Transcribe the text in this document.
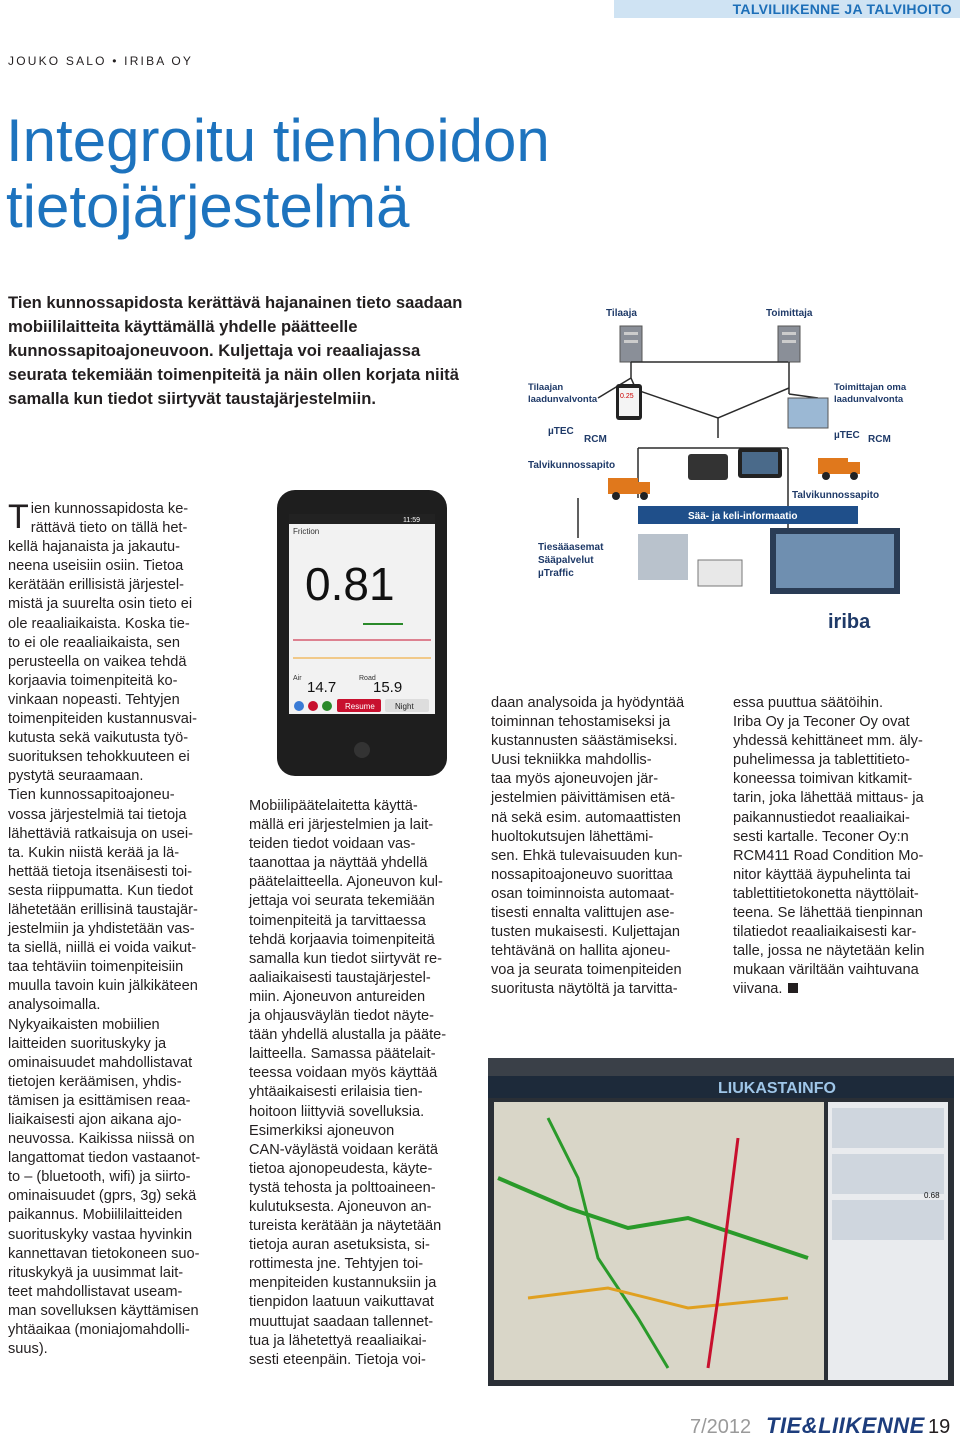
TALVILIIKENNE JA TALVIHOITO
JOUKO SALO • IRIBA OY
Integroitu tienhoidon tietojärjestelmä
Tien kunnossapidosta kerättävä hajanainen tieto saadaan mobiililaitteita käyttämällä yhdelle päätteelle kunnossapitoajoneuvoon. Kuljettaja voi reaaliajassa seurata tekemiään toimenpiteitä ja näin ollen korjata niitä samalla kun tiedot siirtyvät taustajärjestelmiin.
Tilaaja	Toimittaja
Tilaajan laadunvalvonta
µTEC
RCM
0.25
Toimittajan oma laadunvalvonta
µTEC RCM
Talvikunnossapito
Talvikunnossapito
Sää- ja keli-informaatio
Tiesääasemat Sääpalvelut µTraffic
iriba
11:59
Friction
0.81
Air
14.7
Road
15.9
Resume	Night
LIUKASTAINFO
0.68
T ien kunnossapidosta ke-
rättävä tieto on tällä het-
kellä hajanaista ja jakautu-
neena useisiin osiin. Tietoa
kerätään erillisistä järjestel-
mistä ja suurelta osin tieto ei
ole reaaliaikaista. Koska tie-
to ei ole reaaliaikaista, sen
perusteella on vaikea tehdä
korjaavia toimenpiteitä ko-
vinkaan nopeasti. Tehtyjen
toimenpiteiden kustannusvai-
kutusta sekä vaikutusta työ-
suorituksen tehokkuuteen ei
pystytä seuraamaan.
Tien kunnossapitoajoneu-
vossa järjestelmiä tai tietoja
lähettäviä ratkaisuja on usei-
ta. Kukin niistä kerää ja lä-
hettää tietoja itsenäisesti toi-
sesta riippumatta. Kun tiedot
lähetetään erillisinä taustajär-
jestelmiin ja yhdistetään vas-
ta siellä, niillä ei voida vaikut-
taa tehtäviin toimenpiteisiin
muulla tavoin kuin jälkikäteen
analysoimalla.
Nykyaikaisten mobiilien
laitteiden suorituskyky ja
ominaisuudet mahdollistavat
tietojen keräämisen, yhdis-
tämisen ja esittämisen reaa-
liaikaisesti ajon aikana ajo-
neuvossa. Kaikissa niissä on
langattomat tiedon vastaanot-
to – (bluetooth, wifi) ja siirto-
ominaisuudet (gprs, 3g) sekä
paikannus. Mobiililaitteiden
suorituskyky vastaa hyvinkin
kannettavan tietokoneen suo-
rituskykyä ja uusimmat lait-
teet mahdollistavat useam-
man sovelluksen käyttämisen
yhtäaikaa (moniajomahdolli-
suus).

Mobiilipäätelaitetta käyttä-
mällä eri järjestelmien ja lait-
teiden tiedot voidaan vas-
taanottaa ja näyttää yhdellä
päätelaitteella. Ajoneuvon kul-
jettaja voi seurata tekemiään
toimenpiteitä ja tarvittaessa
tehdä korjaavia toimenpiteitä
samalla kun tiedot siirtyvät re-
aaliaikaisesti taustajärjestel-
miin. Ajoneuvon antureiden
ja ohjausväylän tiedot näyte-
tään yhdellä alustalla ja pääte-
laitteella. Samassa päätelait-
teessa voidaan myös käyttää
yhtäaikaisesti erilaisia tien-
hoitoon liittyviä sovelluksia.
Esimerkiksi ajoneuvon
CAN-väylästä voidaan kerätä
tietoa ajonopeudesta, käyte-
tystä tehosta ja polttoaineen-
kulutuksesta. Ajoneuvon an-
tureista kerätään ja näytetään
tietoja auran asetuksista, si-
rottimesta jne. Tehtyjen toi-
menpiteiden kustannuksiin ja
tienpidon laatuun vaikuttavat
muuttujat saadaan tallennet-
tua ja lähetettyä reaaliaikai-
sesti eteenpäin. Tietoja voi-

daan analysoida ja hyödyntää
toiminnan tehostamiseksi ja
kustannusten säästämiseksi.
Uusi tekniikka mahdollis-
taa myös ajoneuvojen jär-
jestelmien päivittämisen etä-
nä sekä esim. automaattisten
huoltokutsujen lähettämi-
sen. Ehkä tulevaisuuden kun-
nossapitoajoneuvo suorittaa
osan toiminnoista automaat-
tisesti ennalta valittujen ase-
tusten mukaisesti. Kuljettajan
tehtävänä on hallita ajoneu-
voa ja seurata toimenpiteiden
suoritusta näytöltä ja tarvitta-

essa puuttua säätöihin.
Iriba Oy ja Teconer Oy ovat
yhdessä kehittäneet mm. äly-
puhelimessa ja tablettitieto-
koneessa toimivan kitkamit-
tarin, joka lähettää mittaus- ja
paikannustiedot reaaliaikai-
sesti kartalle. Teconer Oy:n
RCM411 Road Condition Mo-
nitor käyttää äypuhelinta tai
tablettitietokonetta näyttölait-
teena. Se lähettää tienpinnan
tilatiedot reaaliaikaisesti kar-
talle, jossa ne näytetään kelin
mukaan väriltään vaihtuvana
viivana.

7/2012 TIE&LIIKENNE 19
